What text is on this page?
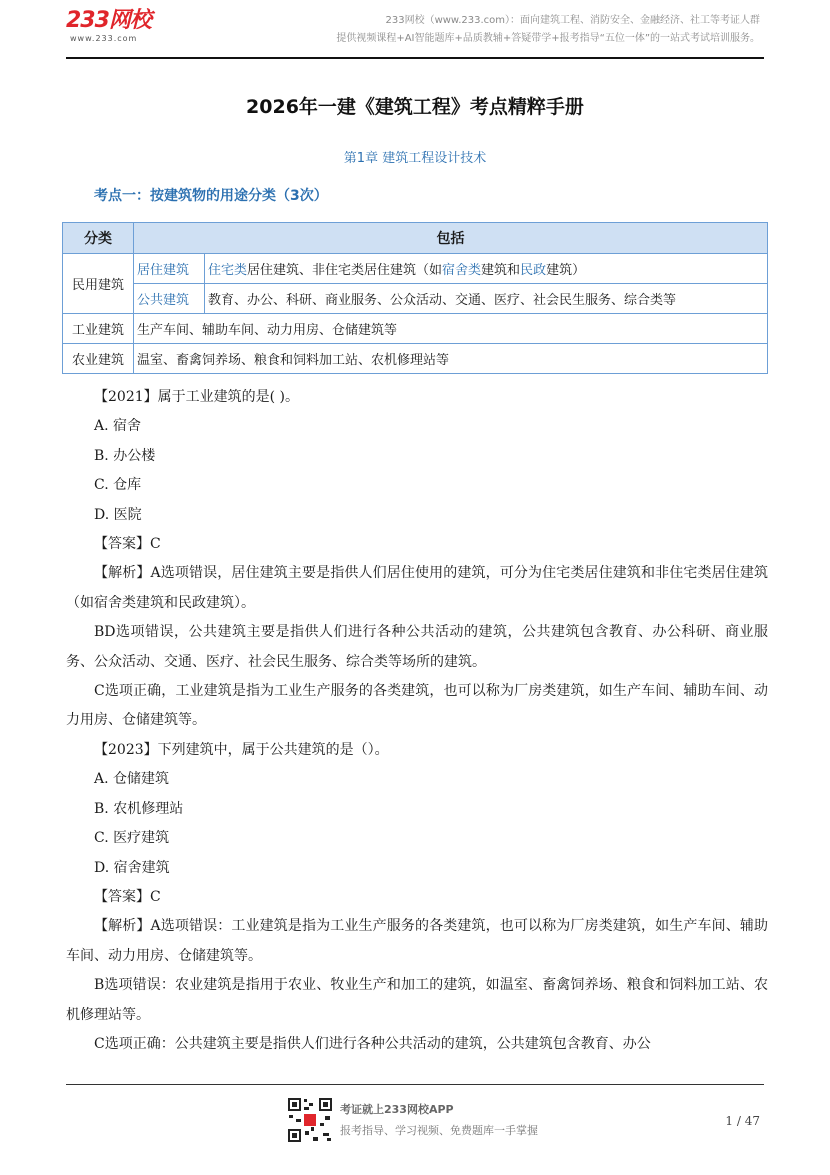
233网校
www.233.com
233网校（www.233.com）：面向建筑工程、消防安全、金融经济、社工等考证人群
提供视频课程+AI智能题库+品质教辅+答疑带学+报考指导“五位一体”的一站式考试培训服务。
2026年一建《建筑工程》考点精粹手册
第1章 建筑工程设计技术
考点一：按建筑物的用途分类（3次）
分类	包括	
民用建筑	居住建筑	住宅类居住建筑、非住宅类居住建筑（如宿舍类建筑和民政建筑）
	公共建筑	教育、办公、科研、商业服务、公众活动、交通、医疗、社会民生服务、综合类等
工业建筑	生产车间、辅助车间、动力用房、仓储建筑等	
农业建筑	温室、畜禽饲养场、粮食和饲料加工站、农机修理站等	

【2021】属于工业建筑的是( )。

A. 宿舍

B. 办公楼

C. 仓库

D. 医院

【答案】C

【解析】A选项错误，居住建筑主要是指供人们居住使用的建筑，可分为住宅类居住建筑和非住宅类居住建筑（如宿舍类建筑和民政建筑）。

BD选项错误，公共建筑主要是指供人们进行各种公共活动的建筑，公共建筑包含教育、办公科研、商业服务、公众活动、交通、医疗、社会民生服务、综合类等场所的建筑。

C选项正确，工业建筑是指为工业生产服务的各类建筑，也可以称为厂房类建筑，如生产车间、辅助车间、动力用房、仓储建筑等。

【2023】下列建筑中，属于公共建筑的是（）。

A. 仓储建筑

B. 农机修理站

C. 医疗建筑

D. 宿舍建筑

【答案】C

【解析】A选项错误：工业建筑是指为工业生产服务的各类建筑，也可以称为厂房类建筑，如生产车间、辅助车间、动力用房、仓储建筑等。

B选项错误：农业建筑是指用于农业、牧业生产和加工的建筑，如温室、畜禽饲养场、粮食和饲料加工站、农机修理站等。

C选项正确：公共建筑主要是指供人们进行各种公共活动的建筑，公共建筑包含教育、办公

考证就上233网校APP
报考指导、学习视频、免费题库一手掌握
1 / 47
